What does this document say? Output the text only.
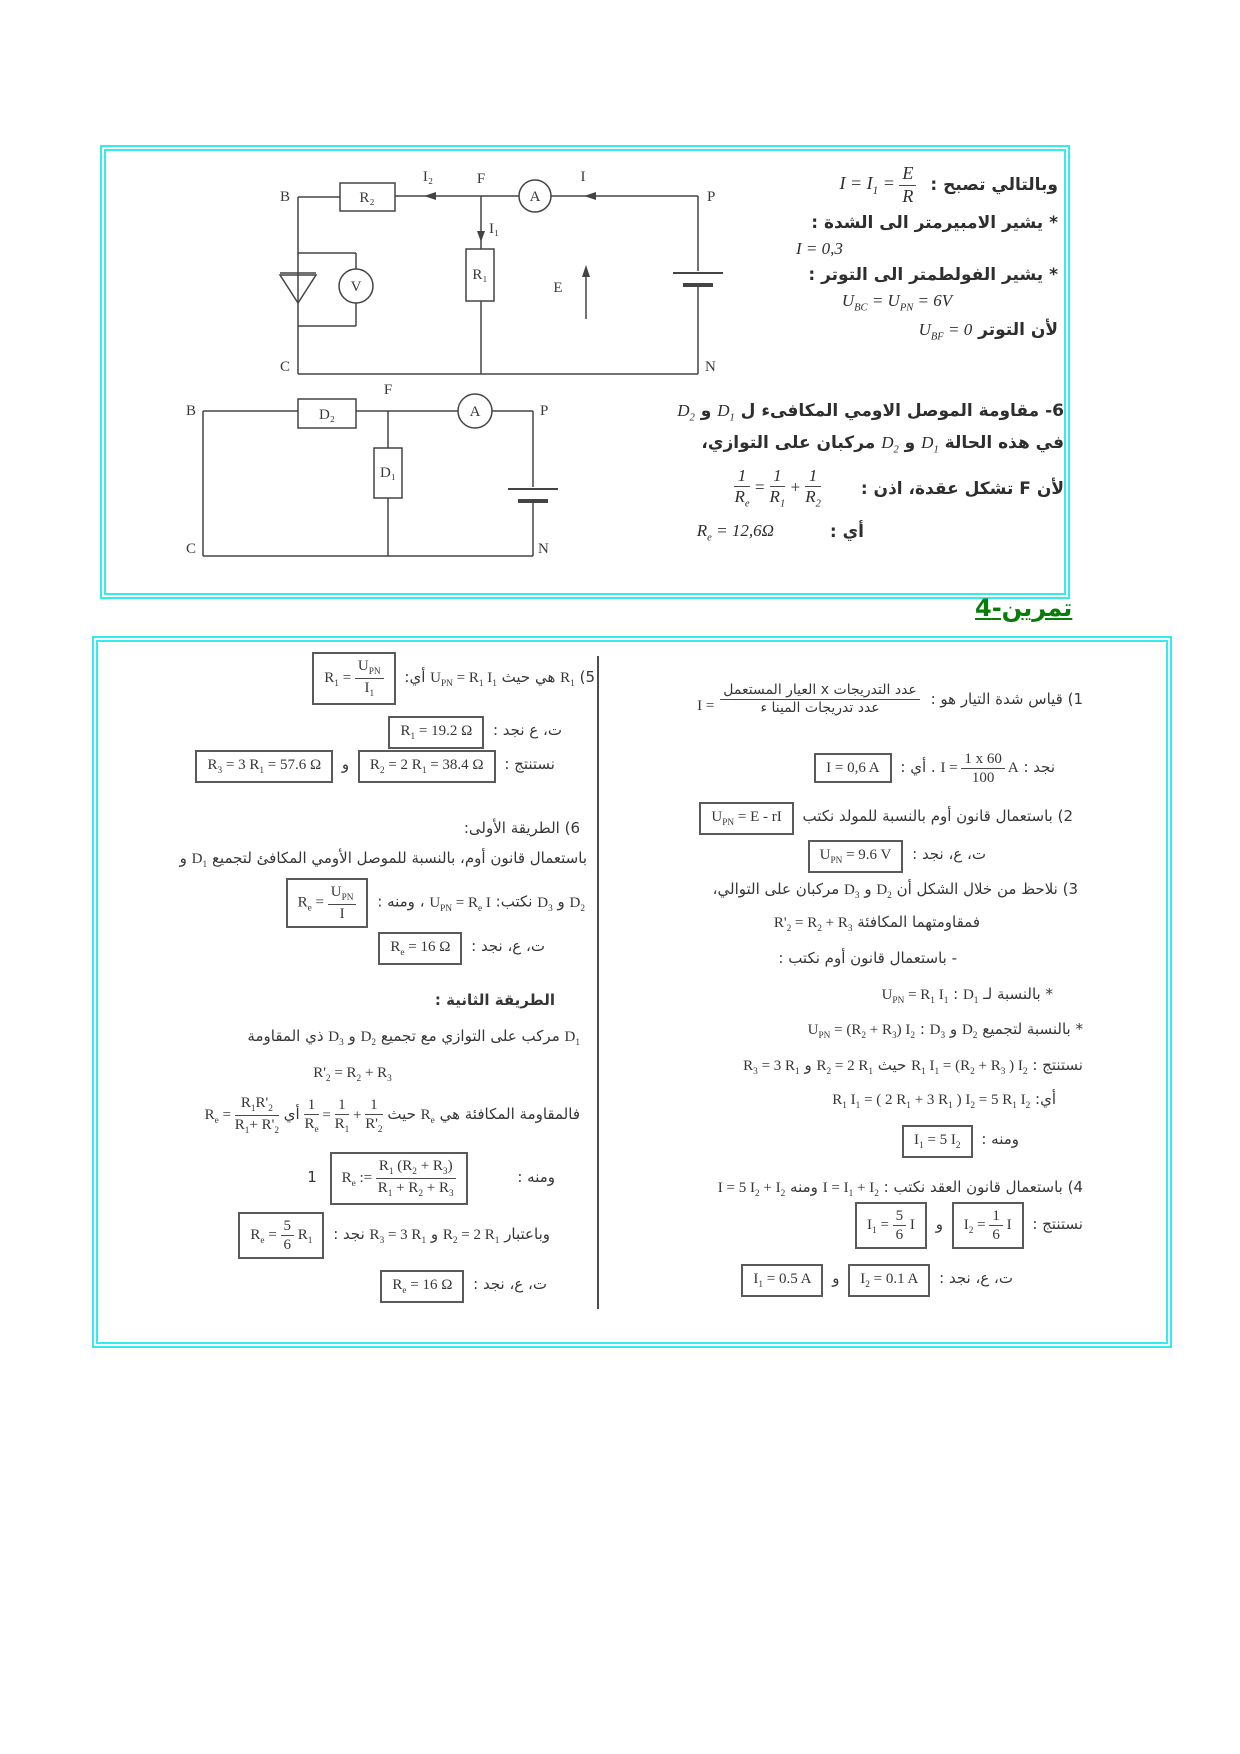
R₂
R₁
A
V
B
I₂	F	I
P
I₁
E
C	N
وبالتالي تصبح :
$I = I_1 = \frac{E}{R}$
* يشير الامبيرمتر الى الشدة :
I = 0,3
* يشير الفولطمتر الى التوتر :
$U_{BC} = U_{PN} = 6V$
لأن التوتر $U_{BF} = 0$
D₂
D₁
A
B
F
P
C	N
6- مقاومة الموصل الاومي المكافىء ل $D_1$ و $D_2$
في هذه الحالة $D_1$ و $D_2$ مركبان على التوازي،
لأن F تشكل عقدة، اذن :
$\frac{1}{R_e} = \frac{1}{R_1} + \frac{1}{R_2}$
أي :
$R_e = 12,6\Omega$
تمرين-4
1) قياس شدة التيار هو :
$\frac{\text{عدد التدريجات x العيار المستعمل}}{\text{عدد تدريجات المينا ء}}$
I =
نجد : $I = \frac{1 x 60}{100}$ A . أي : I = 0,6 A
2) باستعمال قانون أوم بالنسبة للمولد نكتب $U_{PN} = E$ - rI
ت، ع، نجد : $U_{PN} = 9.6$ V
3) نلاحظ من خلال الشكل أن $D_2$ و $D_3$ مركبان على التوالي،
فمقاومتهما المكافئة $R'_2 = R_2 + R_3$
- باستعمال قانون أوم نكتب :
* بالنسبة لـ $D_1$ : $U_{PN} = R_1$ $I_1$
* بالنسبة لتجميع $D_2$ و $D_3$ : $U_{PN} = (R_2 + R_3)$ $I_2$
نستنتج : $R_1$ $I_1 = (R_2 + R_3$ ) $I_2$ حيث $R_2 = 2$ $R_1$ و $R_3 = 3$ $R_1$
أي: $R_1$ $I_1$ = ( 2 $R_1 + 3$ $R_1$ ) $I_2 = 5$ $R_1$ $I_2$
ومنه : $I_1 = 5$ $I_2$
4) باستعمال قانون العقد نكتب : $I = I_1 + I_2$ ومنه I = 5 $I_2 + I_2$
نستنتج : $I_2 = \frac{1}{6}$ I و $I_1 = \frac{5}{6}$ I
ت، ع، نجد : $I_2 = 0.1$ A و $I_1 = 0.5$ A
5) $R_1$ هي حيث $U_{PN} = R_1$ $I_1$ أي: $R_1 = \frac{U_{PN}}{I_1}$
ت، ع نجد : $R_1 = 19.2$ Ω
نستنتج : $R_2 = 2$ $R_1 = 38.4$ Ω و $R_3 = 3$ $R_1 = 57.6$ Ω
6) الطريقة الأولى:
باستعمال قانون أوم، بالنسبة للموصل الأومي المكافئ لتجميع $D_1$ و
$D_2$ و $D_3$ نكتب: $U_{PN} = R_e$ I ، ومنه : $R_e = \frac{U_{PN}}{I}$
ت، ع، نجد : $R_e = 16$ Ω
الطريقة الثانية :
$D_1$ مركب على التوازي مع تجميع $D_2$ و $D_3$ ذي المقاومة
$R'_2 = R_2 + R_3$
فالمقاومة المكافئة هي $R_e$ حيث
$\frac{1}{R_e} = \frac{1}{R_1} + \frac{1}{R'_2}$
أي $R_e = \frac{R_1R'_2}{R_1+ R'_2}$
ومنه : $R_e$ := $\frac{R_1 (R_2 + R_3)}{R_1 + R_2 + R_3}$
1
وباعتبار $R_2 = 2$ $R_1$ و $R_3 = 3$ $R_1$ نجد : $R_e = \frac{5}{6} R_1$
ت، ع، نجد : $R_e = 16$ Ω
